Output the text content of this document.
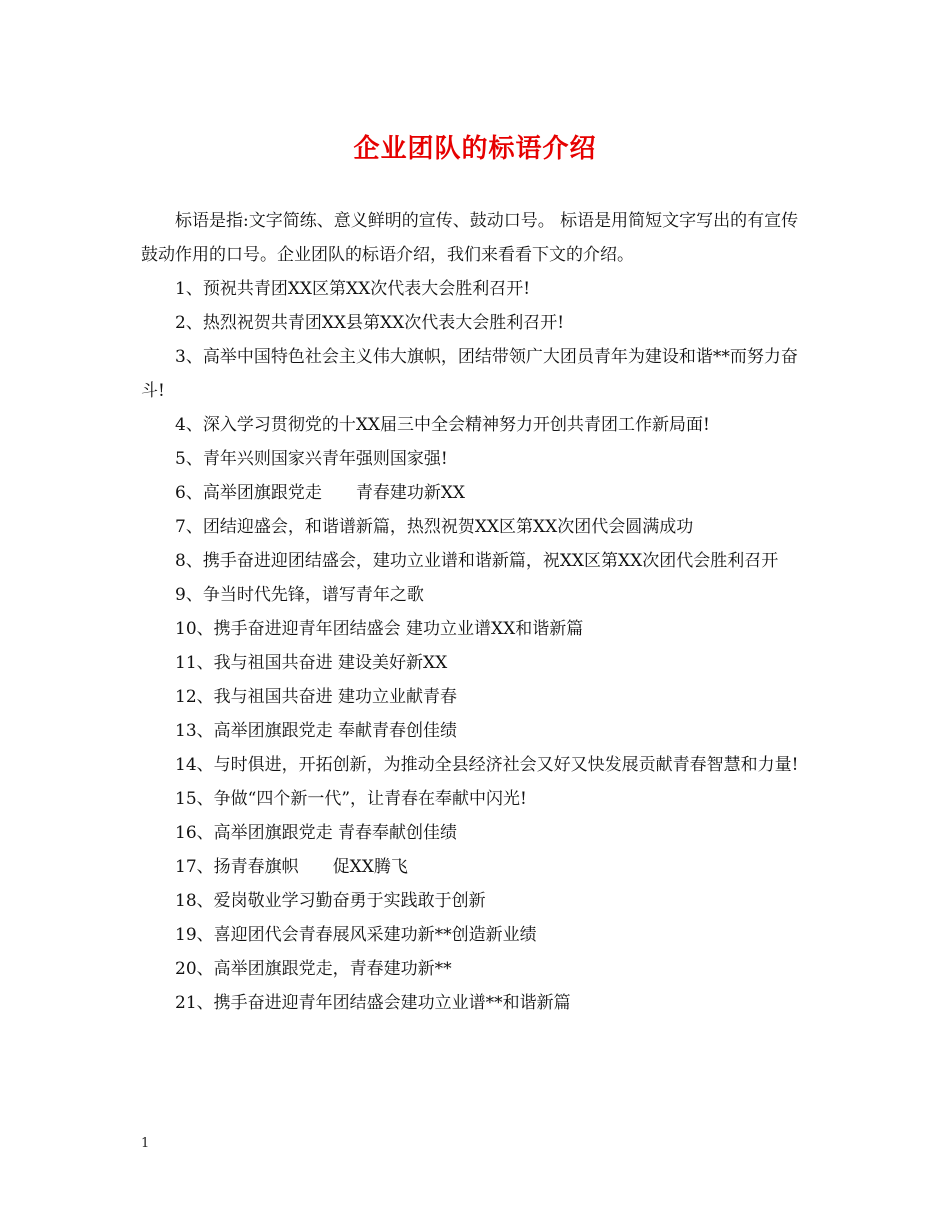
企业团队的标语介绍

标语是指:文字简练、意义鲜明的宣传、鼓动口号。 标语是用简短文字写出的有宣传鼓动作用的口号。企业团队的标语介绍，我们来看看下文的介绍。

1、预祝共青团XX区第XX次代表大会胜利召开!

2、热烈祝贺共青团XX县第XX次代表大会胜利召开!

3、高举中国特色社会主义伟大旗帜，团结带领广大团员青年为建设和谐**而努力奋斗!

4、深入学习贯彻党的十XX届三中全会精神努力开创共青团工作新局面!

5、青年兴则国家兴青年强则国家强!

6、高举团旗跟党走　　青春建功新XX

7、团结迎盛会，和谐谱新篇，热烈祝贺XX区第XX次团代会圆满成功

8、携手奋进迎团结盛会，建功立业谱和谐新篇，祝XX区第XX次团代会胜利召开

9、争当时代先锋，谱写青年之歌

10、携手奋进迎青年团结盛会 建功立业谱XX和谐新篇

11、我与祖国共奋进 建设美好新XX

12、我与祖国共奋进 建功立业献青春

13、高举团旗跟党走 奉献青春创佳绩

14、与时俱进，开拓创新，为推动全县经济社会又好又快发展贡献青春智慧和力量!

15、争做“四个新一代”，让青春在奉献中闪光!

16、高举团旗跟党走 青春奉献创佳绩

17、扬青春旗帜　　促XX腾飞

18、爱岗敬业学习勤奋勇于实践敢于创新

19、喜迎团代会青春展风采建功新**创造新业绩

20、高举团旗跟党走，青春建功新**

21、携手奋进迎青年团结盛会建功立业谱**和谐新篇

1
